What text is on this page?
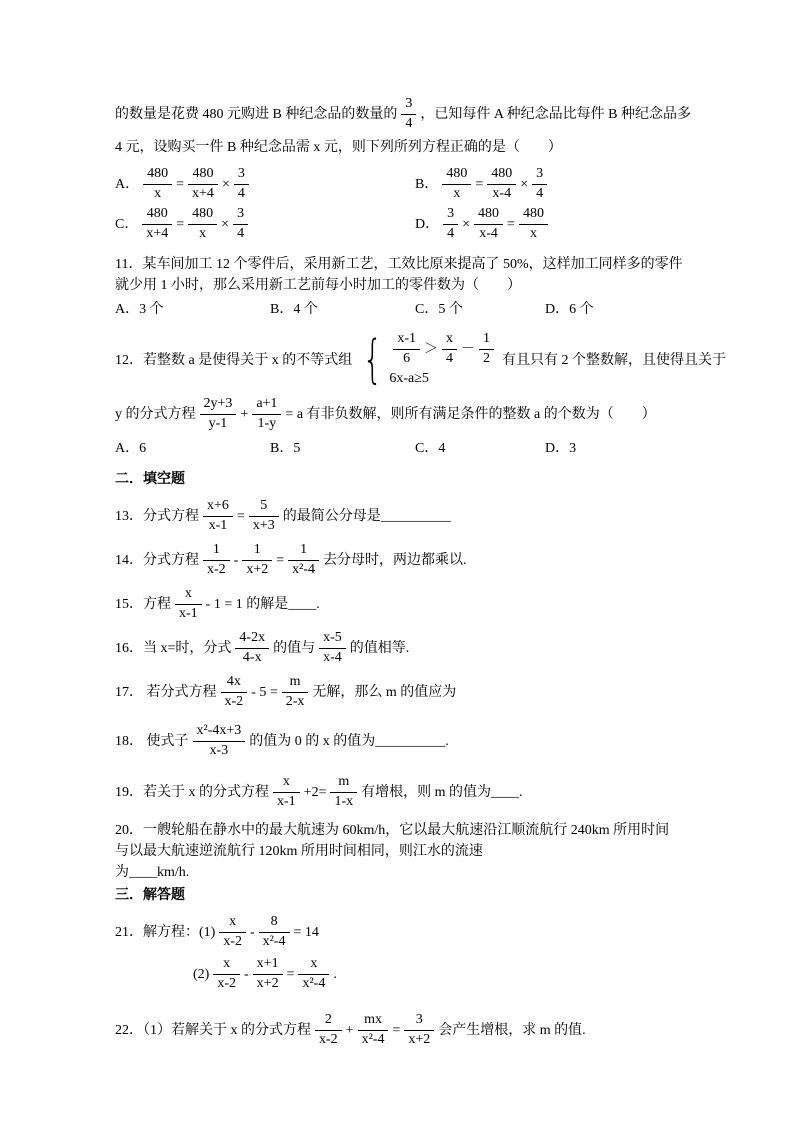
的数量是花费 480 元购进 B 种纪念品的数量的 $\frac{3}{4}$ ，已知每件 A 种纪念品比每件 B 种纪念品多
4 元，设购买一件 B 种纪念品需 x 元，则下列所列方程正确的是（　　）
A． $\frac{480}{x} = \frac{480}{x+4} \times \frac{3}{4}$	B． $\frac{480}{x} = \frac{480}{x-4} \times \frac{3}{4}$
C． $\frac{480}{x+4} = \frac{480}{x} \times \frac{3}{4}$	D． $\frac{3}{4} \times \frac{480}{x-4} = \frac{480}{x}$
11．某车间加工 12 个零件后，采用新工艺，工效比原来提高了 50%，这样加工同样多的零件
就少用 1 小时，那么采用新工艺前每小时加工的零件数为（　　）
A．3 个	B．4 个	C．5 个	D．6 个
12．若整数 a 是使得关于 x 的不等式组 { $\frac{x-1}{6} > \frac{x}{4} - \frac{1}{2}$
6x-a≥5
有且只有 2 个整数解，且使得且关于
y 的分式方程 $\frac{2y+3}{y-1} + \frac{a+1}{1-y} = a$ 有非负数解，则所有满足条件的整数 a 的个数为（　　）
A．6	B．5	C．4	D．3
二．填空题
13．分式方程 $\frac{x+6}{x-1} = \frac{5}{x+3}$ 的最简公分母是__________
14．分式方程 $\frac{1}{x-2} - \frac{1}{x+2} = \frac{1}{\text{x²-4}}$ 去分母时，两边都乘以.
15．方程 $\frac{x}{x-1} - 1 = 1$ 的解是____.
16．当 x=时，分式 $\frac{4-2x}{4-x}$ 的值与 $\frac{x-5}{x-4}$ 的值相等.
17． 若分式方程 $\frac{4x}{x-2} - 5 = \frac{m}{2-x}$ 无解，那么 m 的值应为
18． 使式子 $\frac{\text{x²-4x+3}}{x-3}$ 的值为 0 的 x 的值为__________.
19．若关于 x 的分式方程 $\frac{x}{x-1} +2= \frac{m}{1-x}$ 有增根，则 m 的值为____.
20．一艘轮船在静水中的最大航速为 60km/h，它以最大航速沿江顺流航行 240km 所用时间
与以最大航速逆流航行 120km 所用时间相同，则江水的流速
为____km/h.
三．解答题
21．解方程：$(1) \frac{x}{x-2} - \frac{8}{\text{x²-4}} = 14$
$(2) \frac{x}{x-2} - \frac{x+1}{x+2} = \frac{x}{\text{x²-4}}$ .
22．（1）若解关于 x 的分式方程 $\frac{2}{x-2} + \frac{mx}{\text{x²-4}} = \frac{3}{x+2}$ 会产生增根，求 m 的值.
